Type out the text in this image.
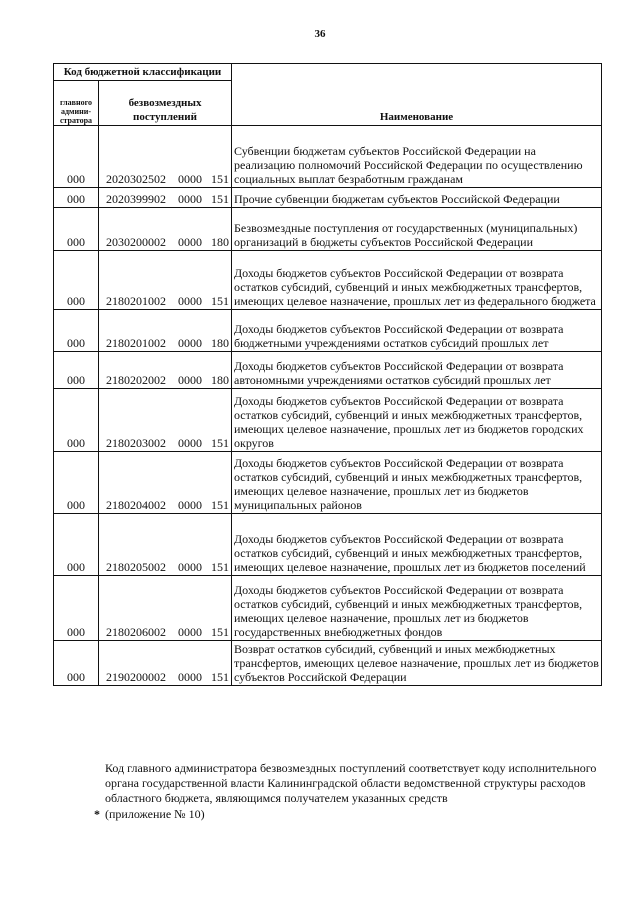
36
Код бюджетной классификации		Наименование
главного админи-стратора	безвозмездных поступлений	
000	2020302502 0000 151	Субвенции бюджетам субъектов Российской Федерации на реализацию полномочий Российской Федерации по осуществлению социальных выплат безработным гражданам
000	2020399902 0000 151	Прочие субвенции бюджетам субъектов Российской Федерации
000	2030200002 0000 180	Безвозмездные поступления от государственных (муниципальных) организаций в бюджеты субъектов Российской Федерации
000	2180201002 0000 151	Доходы бюджетов субъектов Российской Федерации от возврата остатков субсидий, субвенций и иных межбюджетных трансфертов, имеющих целевое назначение, прошлых лет из федерального бюджета
000	2180201002 0000 180	Доходы бюджетов субъектов Российской Федерации от возврата бюджетными учреждениями остатков субсидий прошлых лет
000	2180202002 0000 180	Доходы бюджетов субъектов Российской Федерации от возврата автономными учреждениями остатков субсидий прошлых лет
000	2180203002 0000 151	Доходы бюджетов субъектов Российской Федерации от возврата остатков субсидий, субвенций и иных межбюджетных трансфертов, имеющих целевое назначение, прошлых лет из бюджетов городских округов
000	2180204002 0000 151	Доходы бюджетов субъектов Российской Федерации от возврата остатков субсидий, субвенций и иных межбюджетных трансфертов, имеющих целевое назначение, прошлых лет из бюджетов муниципальных районов
000	2180205002 0000 151	Доходы бюджетов субъектов Российской Федерации от возврата остатков субсидий, субвенций и иных межбюджетных трансфертов, имеющих целевое назначение, прошлых лет из бюджетов поселений
000	2180206002 0000 151	Доходы бюджетов субъектов Российской Федерации от возврата остатков субсидий, субвенций и иных межбюджетных трансфертов, имеющих целевое назначение, прошлых лет из бюджетов государственных внебюджетных фондов
000	2190200002 0000 151	Возврат остатков субсидий, субвенций и иных межбюджетных трансфертов, имеющих целевое назначение, прошлых лет из бюджетов субъектов Российской Федерации
Код главного администратора безвозмездных поступлений соответствует коду исполнительного органа государственной власти Калининградской области ведомственной структуры расходов областного бюджета, являющимся получателем указанных средств
* (приложение № 10)
